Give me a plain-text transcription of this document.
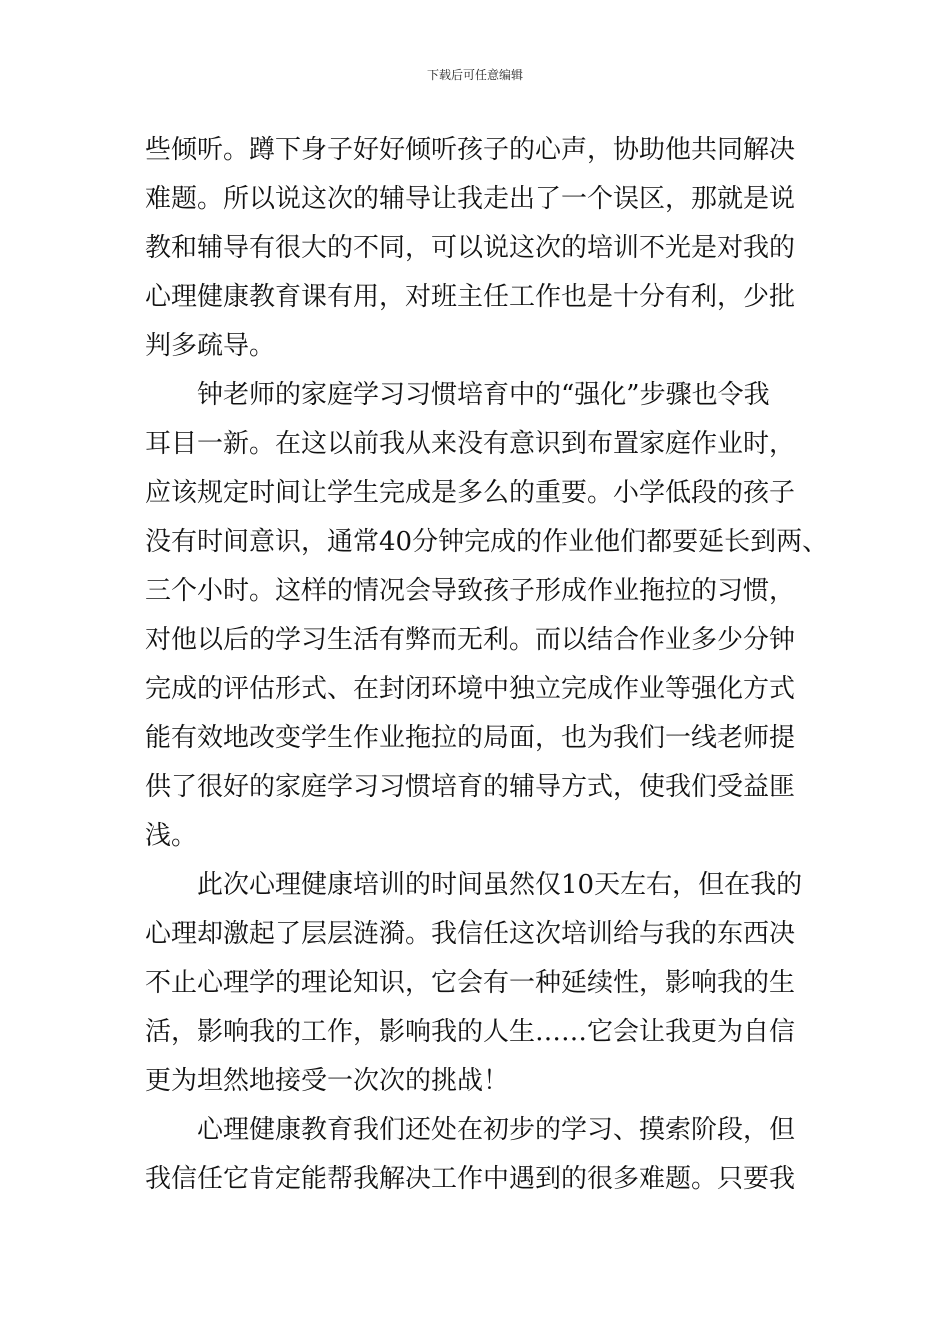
下载后可任意编辑
些倾听。蹲下身子好好倾听孩子的心声，协助他共同解决
难题。所以说这次的辅导让我走出了一个误区，那就是说
教和辅导有很大的不同，可以说这次的培训不光是对我的
心理健康教育课有用，对班主任工作也是十分有利，少批
判多疏导。
钟老师的家庭学习习惯培育中的“强化”步骤也令我
耳目一新。在这以前我从来没有意识到布置家庭作业时，
应该规定时间让学生完成是多么的重要。小学低段的孩子
没有时间意识，通常40分钟完成的作业他们都要延长到两、
三个小时。这样的情况会导致孩子形成作业拖拉的习惯，
对他以后的学习生活有弊而无利。而以结合作业多少分钟
完成的评估形式、在封闭环境中独立完成作业等强化方式
能有效地改变学生作业拖拉的局面，也为我们一线老师提
供了很好的家庭学习习惯培育的辅导方式，使我们受益匪
浅。
此次心理健康培训的时间虽然仅10天左右，但在我的
心理却激起了层层涟漪。我信任这次培训给与我的东西决
不止心理学的理论知识，它会有一种延续性，影响我的生
活，影响我的工作，影响我的人生……它会让我更为自信
更为坦然地接受一次次的挑战！
心理健康教育我们还处在初步的学习、摸索阶段，但
我信任它肯定能帮我解决工作中遇到的很多难题。只要我
